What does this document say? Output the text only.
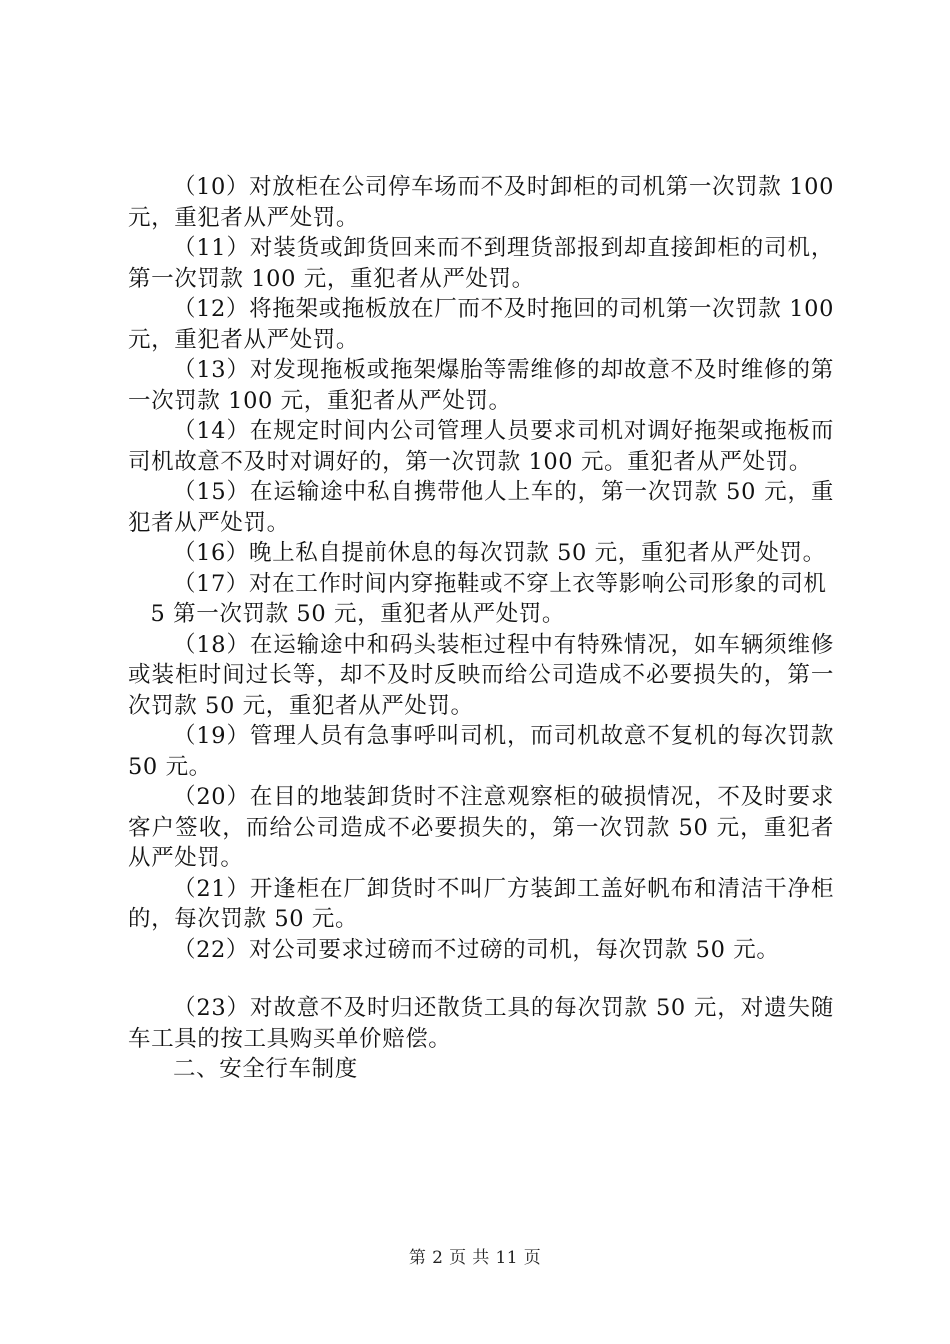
（10）对放柜在公司停车场而不及时卸柜的司机第一次罚款 100 元，重犯者从严处罚。

（11）对装货或卸货回来而不到理货部报到却直接卸柜的司机，第一次罚款 100 元，重犯者从严处罚。

（12）将拖架或拖板放在厂而不及时拖回的司机第一次罚款 100 元，重犯者从严处罚。

（13）对发现拖板或拖架爆胎等需维修的却故意不及时维修的第一次罚款 100 元，重犯者从严处罚。

（14）在规定时间内公司管理人员要求司机对调好拖架或拖板而司机故意不及时对调好的，第一次罚款 100 元。重犯者从严处罚。

（15）在运输途中私自携带他人上车的，第一次罚款 50 元，重犯者从严处罚。

（16）晚上私自提前休息的每次罚款 50 元，重犯者从严处罚。

（17）对在工作时间内穿拖鞋或不穿上衣等影响公司形象的司机

5 第一次罚款 50 元，重犯者从严处罚。

（18）在运输途中和码头装柜过程中有特殊情况，如车辆须维修或装柜时间过长等，却不及时反映而给公司造成不必要损失的，第一次罚款 50 元，重犯者从严处罚。

（19）管理人员有急事呼叫司机，而司机故意不复机的每次罚款 50 元。

（20）在目的地装卸货时不注意观察柜的破损情况，不及时要求客户签收，而给公司造成不必要损失的，第一次罚款 50 元，重犯者从严处罚。

（21）开逢柜在厂卸货时不叫厂方装卸工盖好帆布和清洁干净柜的，每次罚款 50 元。

（22）对公司要求过磅而不过磅的司机，每次罚款 50 元。

（23）对故意不及时归还散货工具的每次罚款 50 元，对遗失随车工具的按工具购买单价赔偿。

二、安全行车制度

第 2 页 共 11 页
